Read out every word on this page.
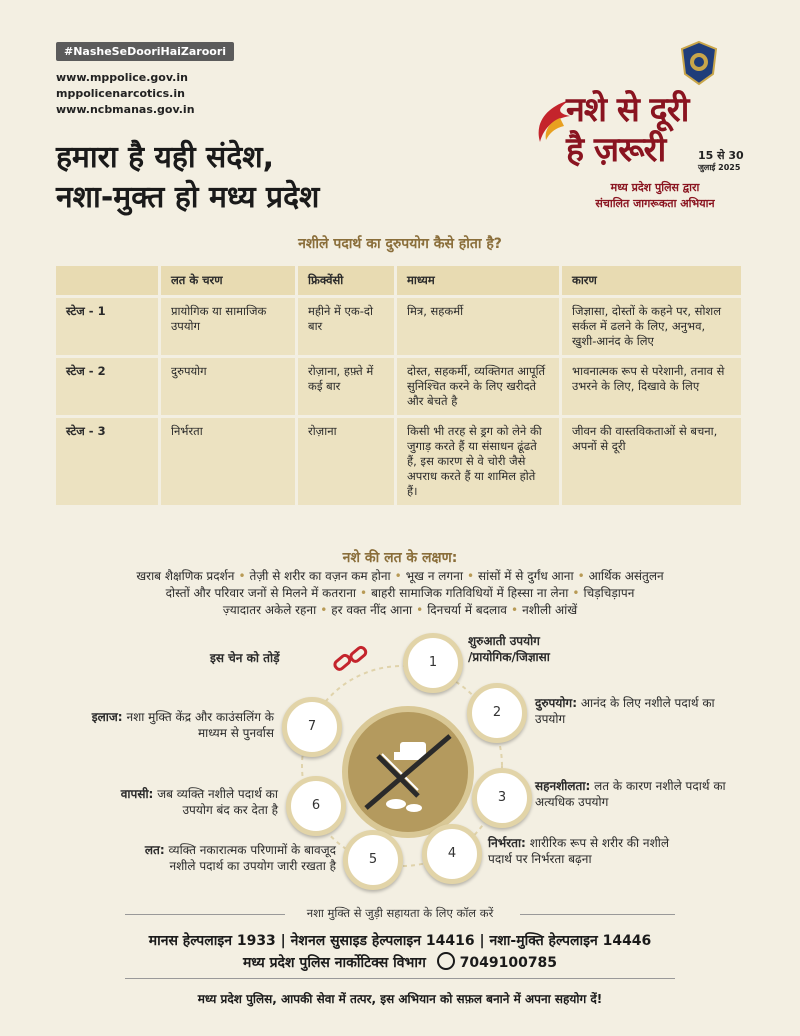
#NasheSeDooriHaiZaroori
www.mppolice.gov.in
mppolicenarcotics.in
www.ncbmanas.gov.in
हमारा है यही संदेश,
नशा-मुक्त हो मध्य प्रदेश
नशे से दूरी
है ज़रूरी	15 से 30
जुलाई 2025
मध्य प्रदेश पुलिस द्वारा
संचालित जागरूकता अभियान
नशीले पदार्थ का दुरुपयोग कैसे होता है?
	लत के चरण	फ्रिक्वेंसी	माध्यम	कारण
स्टेज - 1	प्रायोगिक या सामाजिक उपयोग	महीने में एक-दो बार	मित्र, सहकर्मी	जिज्ञासा, दोस्तों के कहने पर, सोशल सर्कल में ढलने के लिए, अनुभव, खुशी-आनंद के लिए
स्टेज - 2	दुरुपयोग	रोज़ाना, हफ़्ते में कई बार	दोस्त, सहकर्मी, व्यक्तिगत आपूर्ति सुनिश्चित करने के लिए खरीदते और बेचते है	भावनात्मक रूप से परेशानी, तनाव से उभरने के लिए, दिखावे के लिए
स्टेज - 3	निर्भरता	रोज़ाना	किसी भी तरह से ड्रग को लेने की जुगाड़ करते हैं या संसाधन ढूंढते हैं, इस कारण से वे चोरी जैसे अपराध करते हैं या शामिल होते हैं।	जीवन की वास्तविकताओं से बचना, अपनों से दूरी
नशे की लत के लक्षण:
खराब शैक्षणिक प्रदर्शन • तेज़ी से शरीर का वज़न कम होना • भूख न लगना • सांसों में से दुर्गंध आना • आर्थिक असंतुलन
दोस्तों और परिवार जनों से मिलने में कतराना • बाहरी सामाजिक गतिविधियों में हिस्सा ना लेना • चिड़चिड़ापन
ज़्यादातर अकेले रहना • हर वक्त नींद आना • दिनचर्या में बदलाव • नशीली आंखें
1
2
3
4
5
6
7
इस चेन को तोड़ें
शुरुआती उपयोग
/प्रायोगिक/जिज्ञासा
दुरुपयोग: आनंद के लिए नशीले पदार्थ का उपयोग
सहनशीलता: लत के कारण नशीले पदार्थ का अत्यधिक उपयोग
निर्भरता: शारीरिक रूप से शरीर की नशीले पदार्थ पर निर्भरता बढ़ना
लत: व्यक्ति नकारात्मक परिणामों के बावजूद नशीले पदार्थ का उपयोग जारी रखता है
वापसी: जब व्यक्ति नशीले पदार्थ का उपयोग बंद कर देता है
इलाज: नशा मुक्ति केंद्र और काउंसलिंग के माध्यम से पुनर्वास
नशा मुक्ति से जुड़ी सहायता के लिए कॉल करें
मानस हेल्पलाइन 1933 | नेशनल सुसाइड हेल्पलाइन 14416 | नशा-मुक्ति हेल्पलाइन 14446
मध्य प्रदेश पुलिस नार्कोटिक्स विभाग 7049100785
मध्य प्रदेश पुलिस, आपकी सेवा में तत्पर, इस अभियान को सफ़ल बनाने में अपना सहयोग दें!
